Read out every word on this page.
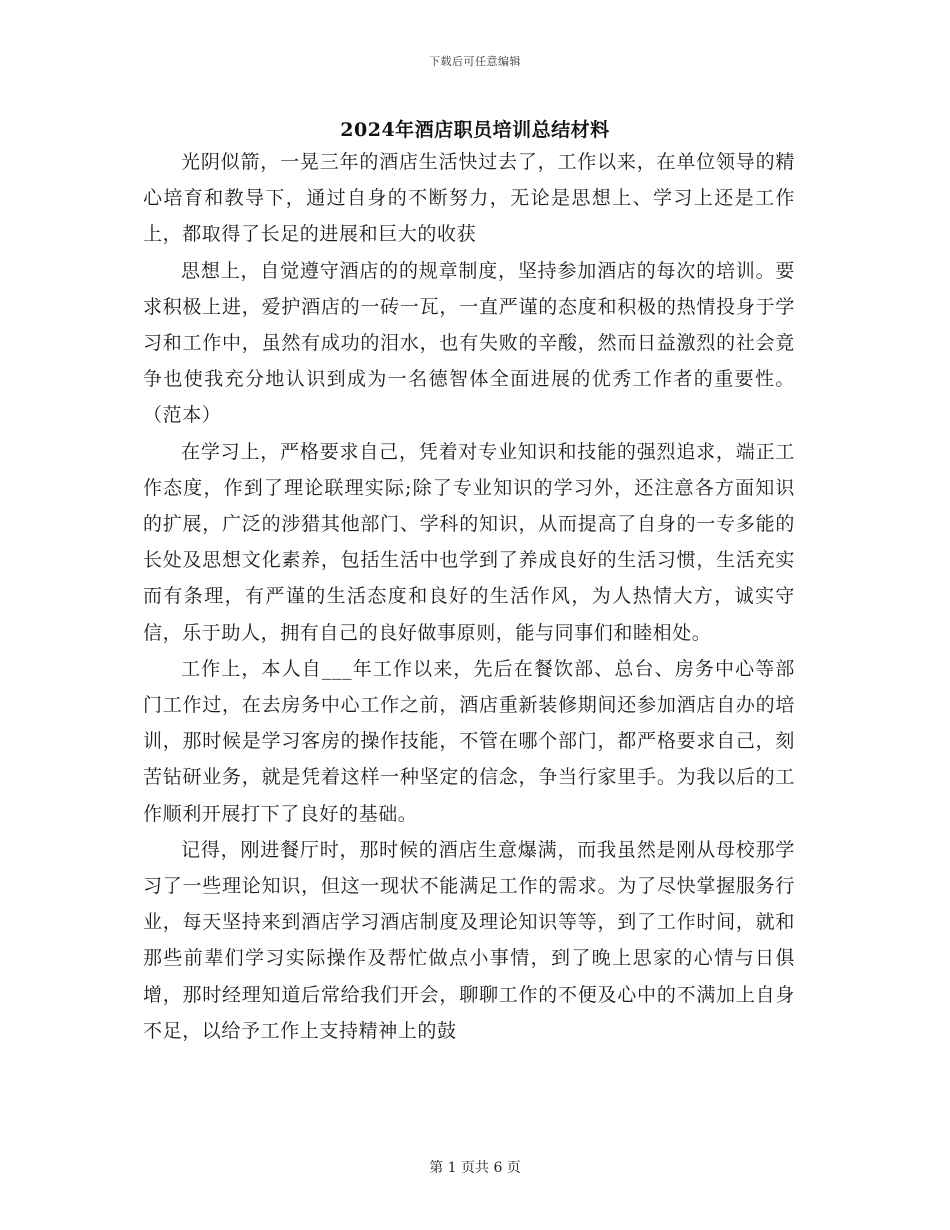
下载后可任意编辑
2024年酒店职员培训总结材料

光阴似箭，一晃三年的酒店生活快过去了，工作以来，在单位领导的精心培育和教导下，通过自身的不断努力，无论是思想上、学习上还是工作上，都取得了长足的进展和巨大的收获

思想上，自觉遵守酒店的的规章制度，坚持参加酒店的每次的培训。要求积极上进，爱护酒店的一砖一瓦，一直严谨的态度和积极的热情投身于学习和工作中，虽然有成功的泪水，也有失败的辛酸，然而日益激烈的社会竟争也使我充分地认识到成为一名德智体全面进展的优秀工作者的重要性。（范本）

在学习上，严格要求自己，凭着对专业知识和技能的强烈追求，端正工作态度，作到了理论联理实际;除了专业知识的学习外，还注意各方面知识的扩展，广泛的涉猎其他部门、学科的知识，从而提高了自身的一专多能的长处及思想文化素养，包括生活中也学到了养成良好的生活习惯，生活充实而有条理，有严谨的生活态度和良好的生活作风，为人热情大方，诚实守信，乐于助人，拥有自己的良好做事原则，能与同事们和睦相处。

工作上，本人自___年工作以来，先后在餐饮部、总台、房务中心等部门工作过，在去房务中心工作之前，酒店重新装修期间还参加酒店自办的培训，那时候是学习客房的操作技能，不管在哪个部门，都严格要求自己，刻苦钻研业务，就是凭着这样一种坚定的信念，争当行家里手。为我以后的工作顺利开展打下了良好的基础。

记得，刚进餐厅时，那时候的酒店生意爆满，而我虽然是刚从母校那学习了一些理论知识，但这一现状不能满足工作的需求。为了尽快掌握服务行业，每天坚持来到酒店学习酒店制度及理论知识等等，到了工作时间，就和那些前辈们学习实际操作及帮忙做点小事情，到了晚上思家的心情与日俱增，那时经理知道后常给我们开会，聊聊工作的不便及心中的不满加上自身不足，以给予工作上支持精神上的鼓

第 1 页共 6 页
